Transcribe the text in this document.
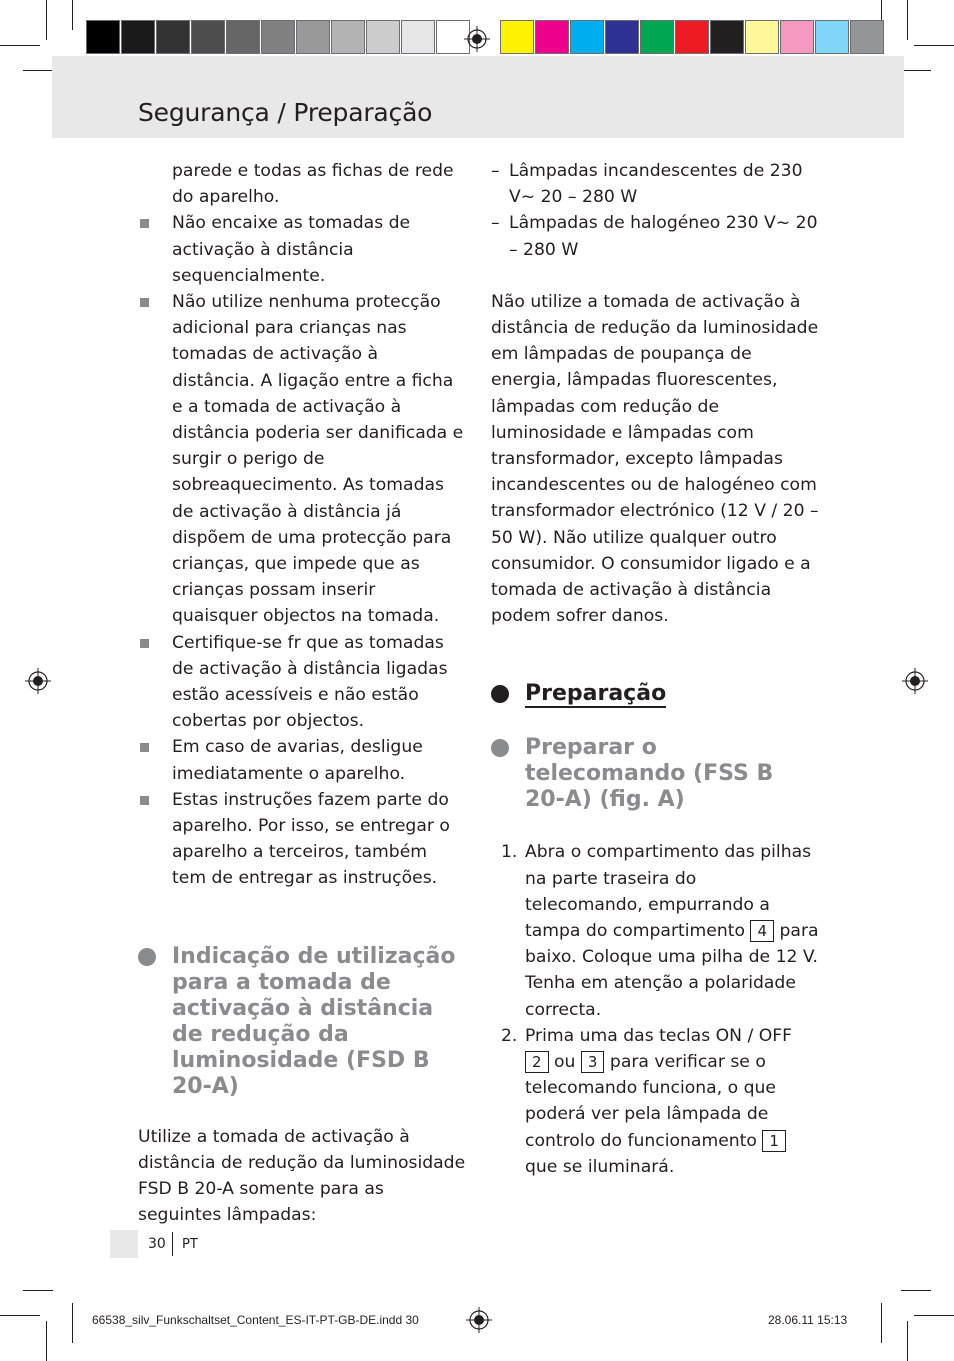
Segurança / Preparação

parede e todas as fichas de rede do aparelho.

Não encaixe as tomadas de activação à distância sequencialmente.
Não utilize nenhuma protecção adicional para crianças nas tomadas de activação à distância. A ligação entre a ficha e a tomada de activação à distância poderia ser danificada e surgir o perigo de sobreaquecimento. As tomadas de activação à distância já dispõem de uma protecção para crianças, que impede que as crianças possam inserir quaisquer objectos na tomada.
Certifique-se fr que as tomadas de activação à distância ligadas estão acessíveis e não estão cobertas por objectos.
Em caso de avarias, desligue imediatamente o aparelho.
Estas instruções fazem parte do aparelho. Por isso, se entregar o aparelho a terceiros, também tem de entregar as instruções.
Indicação de utilização para a tomada de activação à distância de redução da luminosidade (FSD B 20-A)

Utilize a tomada de activação à distância de redução da luminosidade FSD B 20-A somente para as seguintes lâmpadas:

– Lâmpadas incandescentes de 230 V~ 20 – 280 W
– Lâmpadas de halogéneo 230 V~ 20 – 280 W

Não utilize a tomada de activação à distância de redução da luminosidade em lâmpadas de poupança de energia, lâmpadas fluorescentes, lâmpadas com redução de luminosidade e lâmpadas com transformador, excepto lâmpadas incandescentes ou de halogéneo com transformador electrónico (12 V / 20 – 50 W). Não utilize qualquer outro consumidor. O consumidor ligado e a tomada de activação à distância podem sofrer danos.

Preparação
Preparar o telecomando (FSS B 20-A) (fig. A)
1. Abra o compartimento das pilhas na parte traseira do telecomando, empurrando a tampa do compartimento 4 para baixo. Coloque uma pilha de 12 V. Tenha em atenção a polaridade correcta.
2. Prima uma das teclas ON / OFF 2 ou 3 para verificar se o telecomando funciona, o que poderá ver pela lâmpada de controlo do funcionamento 1 que se iluminará.
30 PT
66538_silv_Funkschaltset_Content_ES-IT-PT-GB-DE.indd 30	28.06.11 15:13
